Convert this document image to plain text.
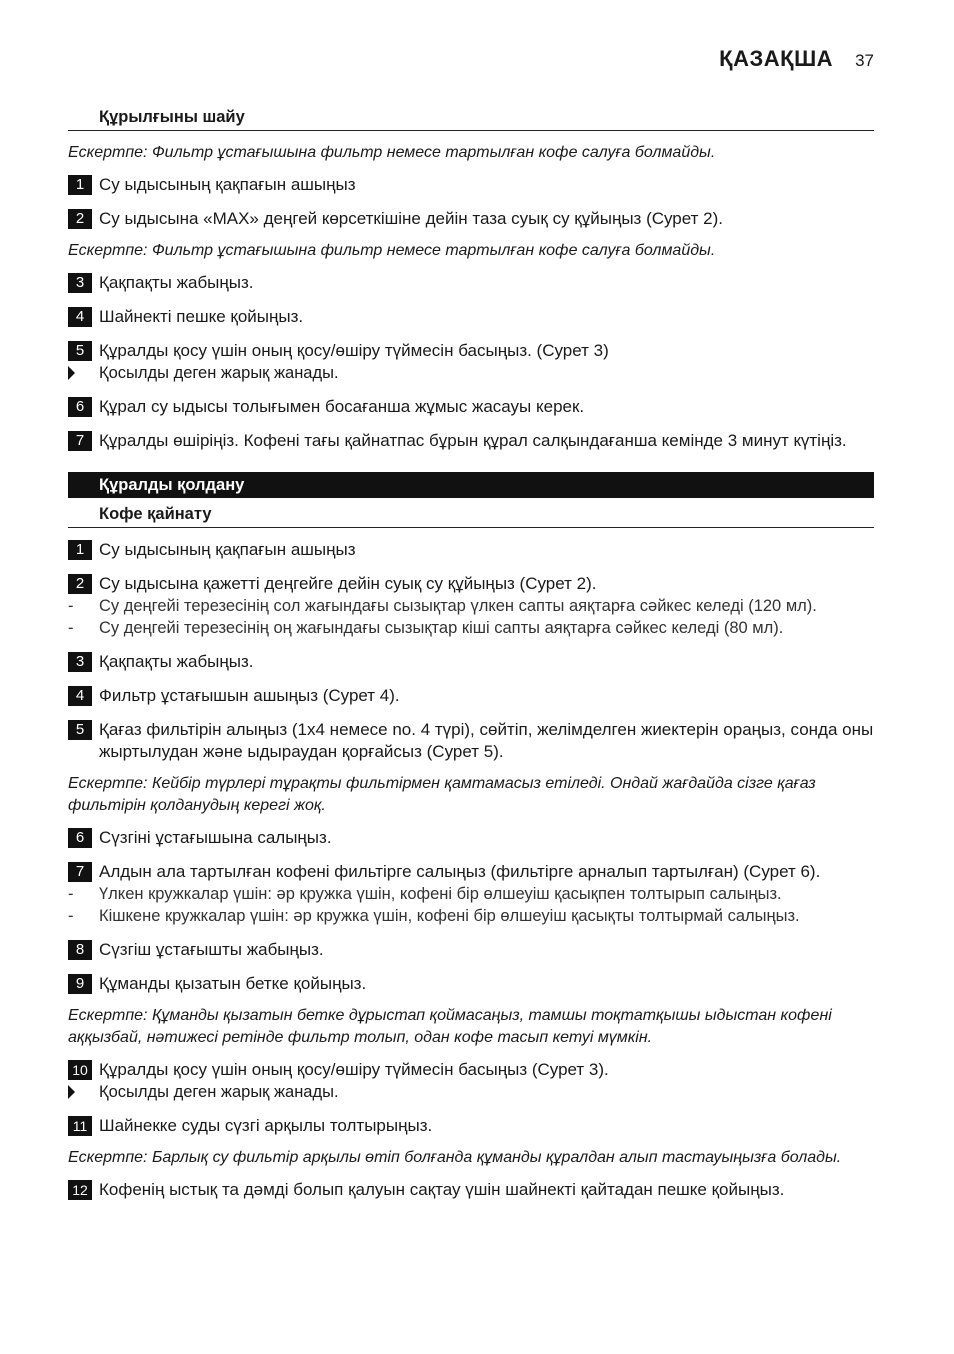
ҚАЗАҚША 37
Құрылғыны шайу
Ескертпе: Фильтр ұстағышына фильтр немесе тартылған кофе салуға болмайды.
1 Су ыдысының қақпағын ашыңыз
2 Су ыдысына «MAX» деңгей көрсеткішіне дейін таза суық су құйыңыз (Сурет 2).
Ескертпе: Фильтр ұстағышына фильтр немесе тартылған кофе салуға болмайды.
3 Қақпақты жабыңыз.
4 Шайнекті пешке қойыңыз.
5 Құралды қосу үшін оның қосу/өшіру түймесін басыңыз. (Сурет 3)
Қосылды деген жарық жанады.
6 Құрал су ыдысы толығымен босағанша жұмыс жасауы керек.
7 Құралды өшіріңіз. Кофені тағы қайнатпас бұрын құрал салқындағанша кемінде 3 минут күтіңіз.
Құралды қолдану
Кофе қайнату
1 Су ыдысының қақпағын ашыңыз
2 Су ыдысына қажетті деңгейге дейін суық су құйыңыз (Сурет 2).
-	Су деңгейі терезесінің сол жағындағы сызықтар үлкен сапты аяқтарға сәйкес келеді (120 мл).
-	Су деңгейі терезесінің оң жағындағы сызықтар кіші сапты аяқтарға сәйкес келеді (80 мл).
3 Қақпақты жабыңыз.
4 Фильтр ұстағышын ашыңыз (Сурет 4).
5 Қағаз фильтірін алыңыз (1x4 немесе no. 4 түрі), сөйтіп, желімделген жиектерін ораңыз, сонда оны жыртылудан және ыдыраудан қорғайсыз (Сурет 5).
Ескертпе: Кейбір түрлері тұрақты фильтірмен қамтамасыз етіледі. Ондай жағдайда сізге қағаз фильтірін қолданудың керегі жоқ.
6 Сүзгіні ұстағышына салыңыз.
7 Алдын ала тартылған кофені фильтірге салыңыз (фильтірге арналып тартылған) (Сурет 6).
-	Үлкен кружкалар үшін: әр кружка үшін, кофені бір өлшеуіш қасықпен толтырып салыңыз.
-	Кішкене кружкалар үшін: әр кружка үшін, кофені бір өлшеуіш қасықты толтырмай салыңыз.
8 Сүзгіш ұстағышты жабыңыз.
9 Құманды қызатын бетке қойыңыз.
Ескертпе: Құманды қызатын бетке дұрыстап қоймасаңыз, тамшы тоқтатқышы ыдыстан кофені аққызбай, нәтижесі ретінде фильтр толып, одан кофе тасып кетуі мүмкін.
10 Құралды қосу үшін оның қосу/өшіру түймесін басыңыз (Сурет 3).
Қосылды деген жарық жанады.
11 Шайнекке суды сүзгі арқылы толтырыңыз.
Ескертпе: Барлық су фильтір арқылы өтіп болғанда құманды құралдан алып тастауыңызға болады.
12 Кофенің ыстық та дәмді болып қалуын сақтау үшін шайнекті қайтадан пешке қойыңыз.
